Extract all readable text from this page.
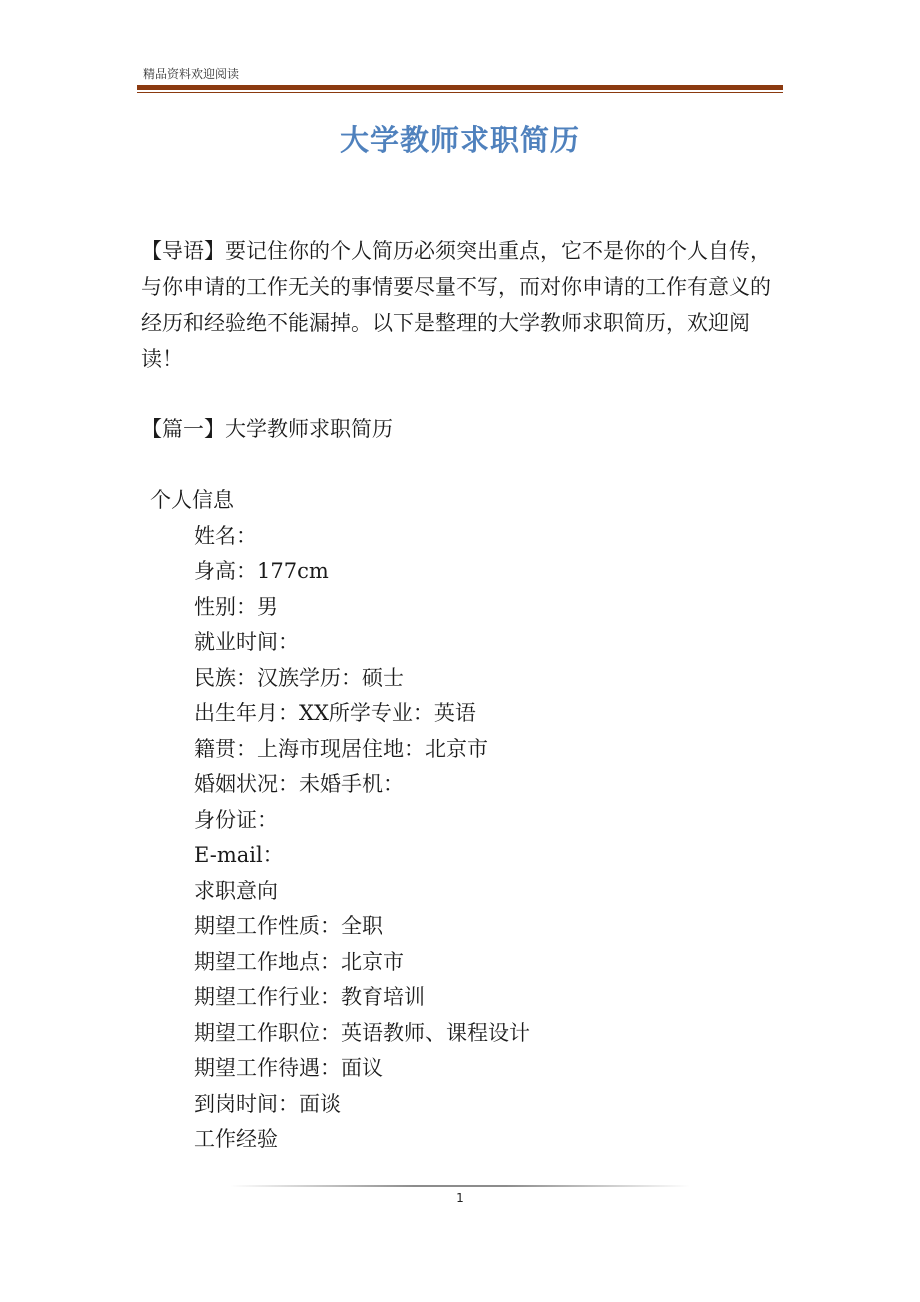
精品资料欢迎阅读
大学教师求职简历

【导语】要记住你的个人简历必须突出重点，它不是你的个人自传，与你申请的工作无关的事情要尽量不写，而对你申请的工作有意义的经历和经验绝不能漏掉。以下是整理的大学教师求职简历，欢迎阅读！

【篇一】大学教师求职简历
个人信息
姓名：
身高：177cm
性别：男
就业时间：
民族：汉族学历：硕士
出生年月：XX所学专业：英语
籍贯：上海市现居住地：北京市
婚姻状况：未婚手机：
身份证：
E-mail：
求职意向
期望工作性质：全职
期望工作地点：北京市
期望工作行业：教育培训
期望工作职位：英语教师、课程设计
期望工作待遇：面议
到岗时间：面谈
工作经验
1
